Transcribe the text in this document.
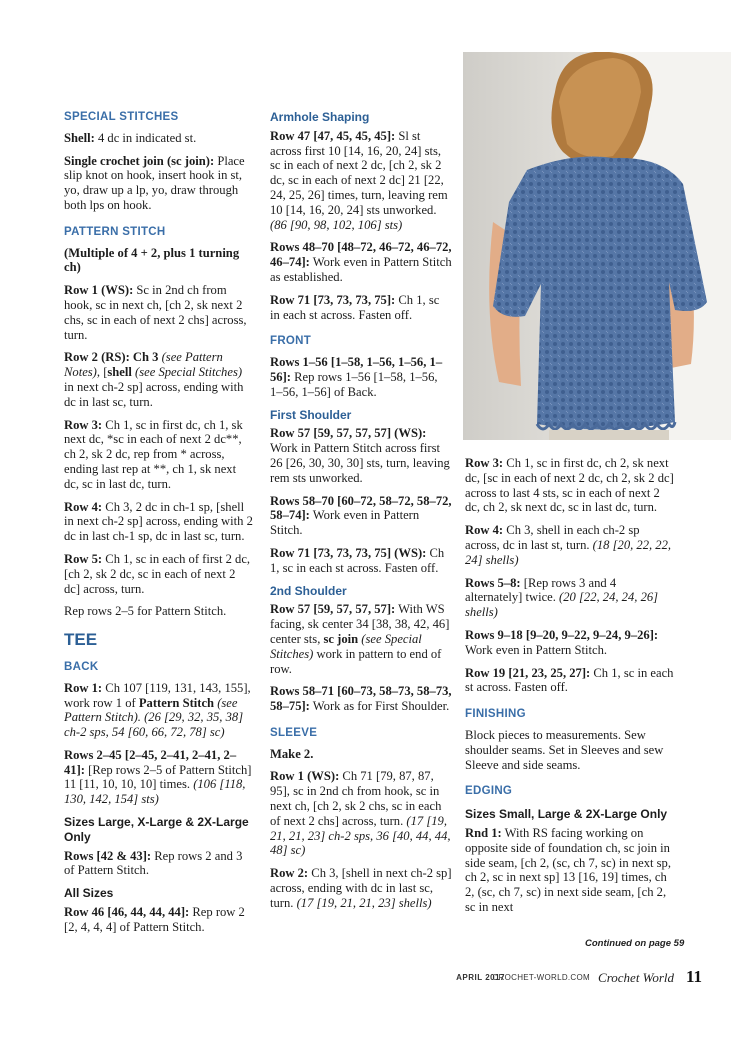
SPECIAL STITCHES
Shell: 4 dc in indicated st.
Single crochet join (sc join): Place slip knot on hook, insert hook in st, yo, draw up a lp, yo, draw through both lps on hook.
PATTERN STITCH
(Multiple of 4 + 2, plus 1 turning ch)
Row 1 (WS): Sc in 2nd ch from hook, sc in next ch, [ch 2, sk next 2 chs, sc in each of next 2 chs] across, turn.
Row 2 (RS): Ch 3 (see Pattern Notes), [shell (see Special Stitches) in next ch-2 sp] across, ending with dc in last sc, turn.
Row 3: Ch 1, sc in first dc, ch 1, sk next dc, *sc in each of next 2 dc**, ch 2, sk 2 dc, rep from * across, ending last rep at **, ch 1, sk next dc, sc in last dc, turn.
Row 4: Ch 3, 2 dc in ch-1 sp, [shell in next ch-2 sp] across, ending with 2 dc in last ch-1 sp, dc in last sc, turn.
Row 5: Ch 1, sc in each of first 2 dc, [ch 2, sk 2 dc, sc in each of next 2 dc] across, turn.
Rep rows 2–5 for Pattern Stitch.
TEE
BACK
Row 1: Ch 107 [119, 131, 143, 155], work row 1 of Pattern Stitch (see Pattern Stitch). (26 [29, 32, 35, 38] ch-2 sps, 54 [60, 66, 72, 78] sc)
Rows 2–45 [2–45, 2–41, 2–41, 2–41]: [Rep rows 2–5 of Pattern Stitch] 11 [11, 10, 10, 10] times. (106 [118, 130, 142, 154] sts)
Sizes Large, X-Large & 2X-Large Only
Rows [42 & 43]: Rep rows 2 and 3 of Pattern Stitch.
All Sizes
Row 46 [46, 44, 44, 44]: Rep row 2 [2, 4, 4, 4] of Pattern Stitch.
Armhole Shaping
Row 47 [47, 45, 45, 45]: Sl st across first 10 [14, 16, 20, 24] sts, sc in each of next 2 dc, [ch 2, sk 2 dc, sc in each of next 2 dc] 21 [22, 24, 25, 26] times, turn, leaving rem 10 [14, 16, 20, 24] sts unworked. (86 [90, 98, 102, 106] sts)
Rows 48–70 [48–72, 46–72, 46–72, 46–74]: Work even in Pattern Stitch as established.
Row 71 [73, 73, 73, 75]: Ch 1, sc in each st across. Fasten off.
FRONT
Rows 1–56 [1–58, 1–56, 1–56, 1–56]: Rep rows 1–56 [1–58, 1–56, 1–56, 1–56] of Back.
First Shoulder
Row 57 [59, 57, 57, 57] (WS): Work in Pattern Stitch across first 26 [26, 30, 30, 30] sts, turn, leaving rem sts unworked.
Rows 58–70 [60–72, 58–72, 58–72, 58–74]: Work even in Pattern Stitch.
Row 71 [73, 73, 73, 75] (WS): Ch 1, sc in each st across. Fasten off.
2nd Shoulder
Row 57 [59, 57, 57, 57]: With WS facing, sk center 34 [38, 38, 42, 46] center sts, sc join (see Special Stitches) work in pattern to end of row.
Rows 58–71 [60–73, 58–73, 58–73, 58–75]: Work as for First Shoulder.
SLEEVE
Make 2.
Row 1 (WS): Ch 71 [79, 87, 87, 95], sc in 2nd ch from hook, sc in next ch, [ch 2, sk 2 chs, sc in each of next 2 chs] across, turn. (17 [19, 21, 21, 23] ch-2 sps, 36 [40, 44, 44, 48] sc)
Row 2: Ch 3, [shell in next ch-2 sp] across, ending with dc in last sc, turn. (17 [19, 21, 21, 23] shells)
Row 3: Ch 1, sc in first dc, ch 2, sk next dc, [sc in each of next 2 dc, ch 2, sk 2 dc] across to last 4 sts, sc in each of next 2 dc, ch 2, sk next dc, sc in last dc, turn.
Row 4: Ch 3, shell in each ch-2 sp across, dc in last st, turn. (18 [20, 22, 22, 24] shells)
Rows 5–8: [Rep rows 3 and 4 alternately] twice. (20 [22, 24, 24, 26] shells)
Rows 9–18 [9–20, 9–22, 9–24, 9–26]: Work even in Pattern Stitch.
Row 19 [21, 23, 25, 27]: Ch 1, sc in each st across. Fasten off.
FINISHING
Block pieces to measurements. Sew shoulder seams. Set in Sleeves and sew Sleeve and side seams.
EDGING
Sizes Small, Large & 2X-Large Only
Rnd 1: With RS facing working on opposite side of foundation ch, sc join in side seam, [ch 2, (sc, ch 7, sc) in next sp, ch 2, sc in next sp] 13 [16, 19] times, ch 2, (sc, ch 7, sc) in next side seam, [ch 2, sc in next
Continued on page 59
APRIL 2017
CROCHET-WORLD.COM Crochet World 11
